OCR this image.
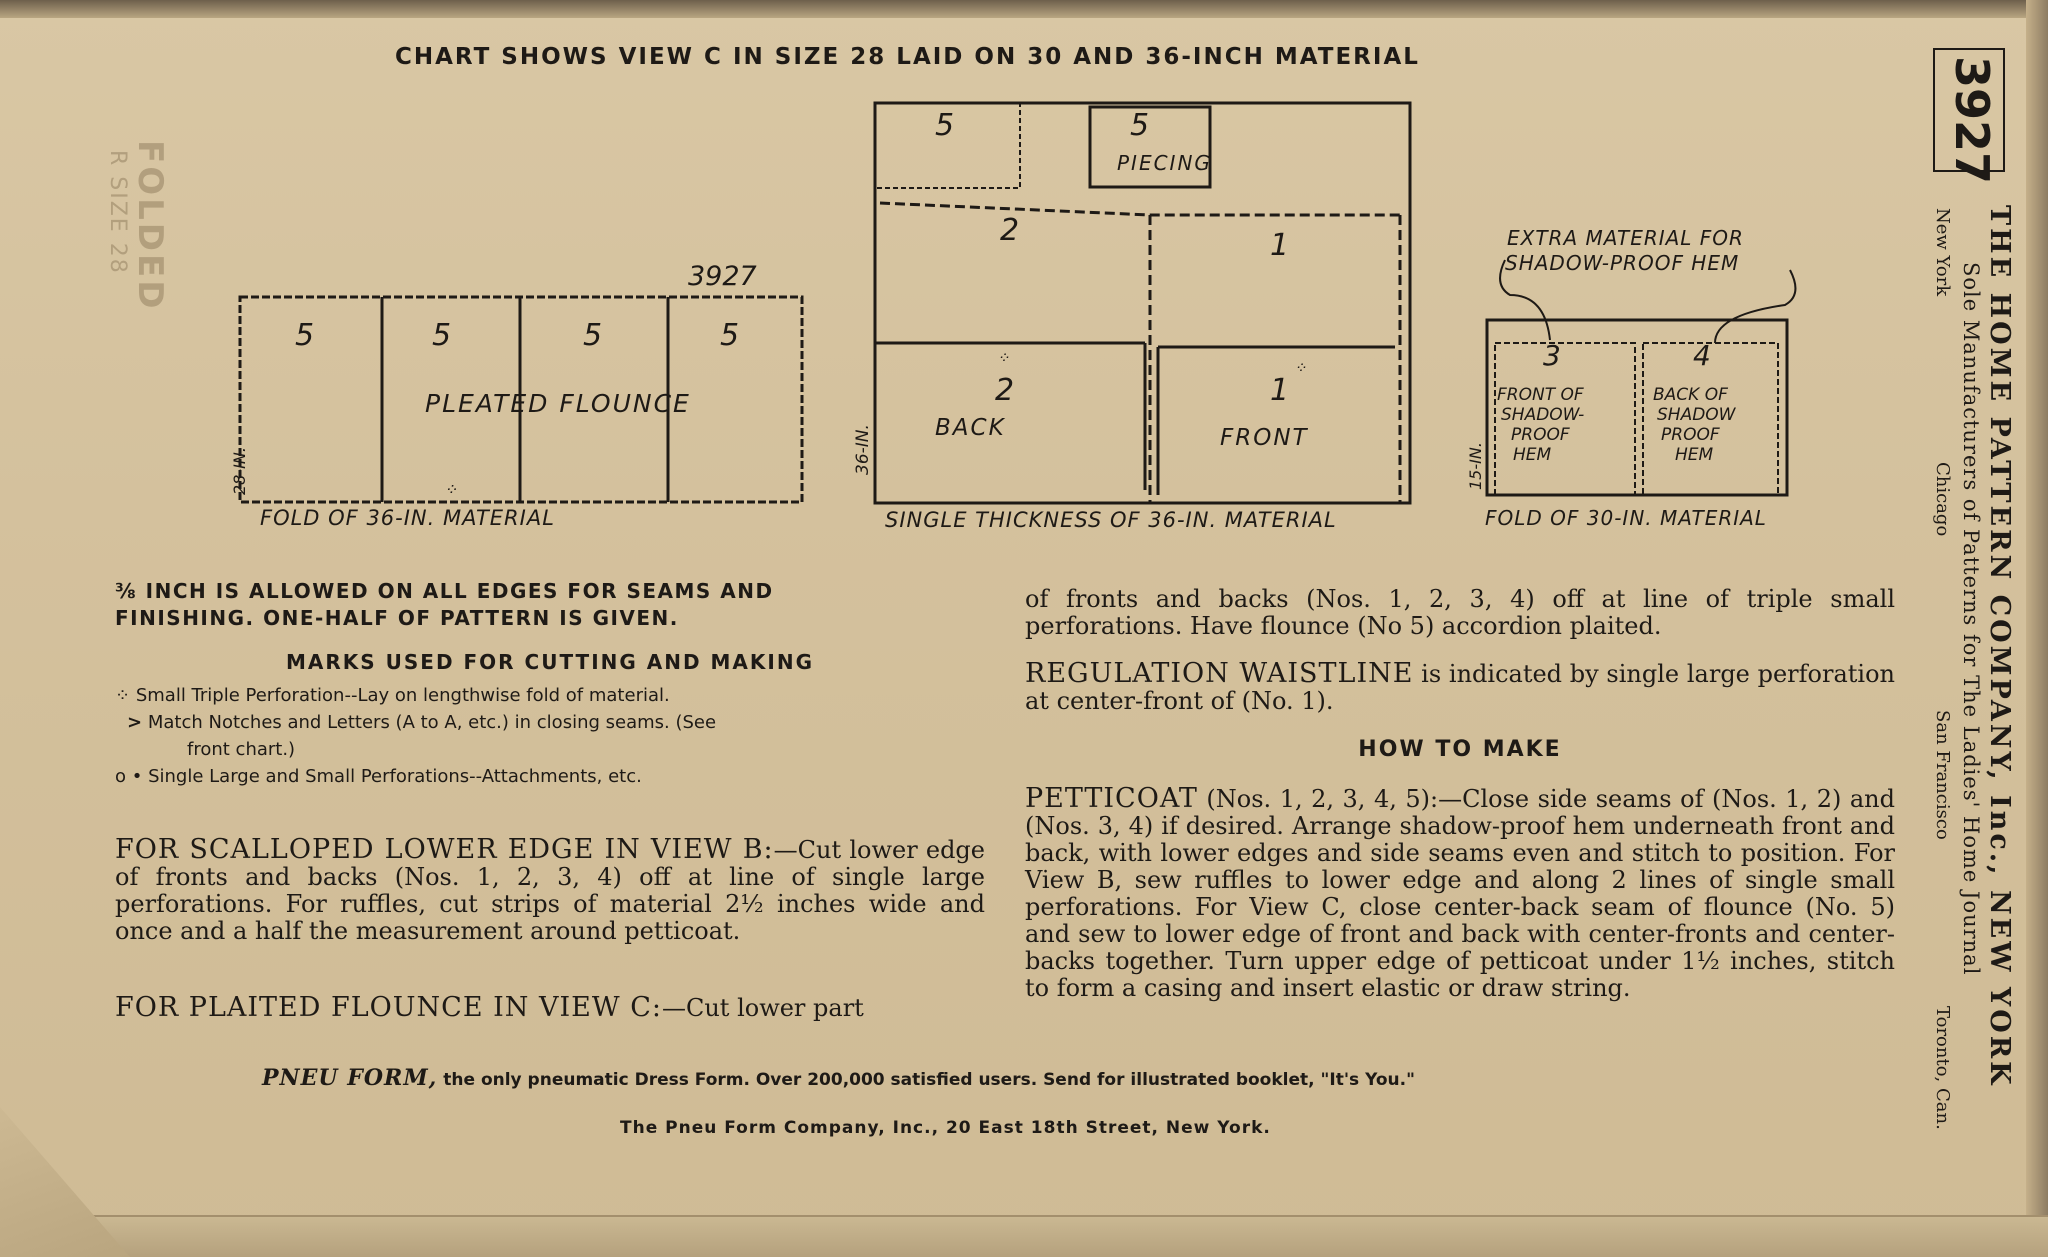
CHART SHOWS VIEW C IN SIZE 28 LAID ON 30 AND 36-INCH MATERIAL
FOLDED
R SIZE 28
3927
5	5	5	5
PLEATED FLOUNCE
28-IN.	⁘
FOLD OF 36-IN. MATERIAL
5	5
PIECING
2	1
2
BACK
1
FRONT
36-IN.
⁘
⁘
SINGLE THICKNESS OF 36-IN. MATERIAL
EXTRA MATERIAL FOR
SHADOW-PROOF HEM
3
FRONT OF
SHADOW-
PROOF
HEM
4
BACK OF
SHADOW
PROOF
HEM
15-IN.
FOLD OF 30-IN. MATERIAL
⅜ INCH IS ALLOWED ON ALL EDGES FOR SEAMS AND
FINISHING. ONE-HALF OF PATTERN IS GIVEN.
MARKS USED FOR CUTTING AND MAKING
⁘ Small Triple Perforation--Lay on lengthwise fold of material.
> Match Notches and Letters (A to A, etc.) in closing seams. (See
front chart.)
o • Single Large and Small Perforations--Attachments, etc.
FOR SCALLOPED LOWER EDGE IN VIEW B:—Cut lower edge of fronts and backs (Nos. 1, 2, 3, 4) off at line of single large perforations. For ruffles, cut strips of material 2½ inches wide and once and a half the measurement around petticoat.
FOR PLAITED FLOUNCE IN VIEW C:—Cut lower part
of fronts and backs (Nos. 1, 2, 3, 4) off at line of triple small perforations. Have flounce (No 5) accordion plaited.
REGULATION WAISTLINE is indicated by single large perforation at center-front of (No. 1).
HOW TO MAKE
PETTICOAT (Nos. 1, 2, 3, 4, 5):—Close side seams of (Nos. 1, 2) and (Nos. 3, 4) if desired. Arrange shadow-proof hem underneath front and back, with lower edges and side seams even and stitch to position. For View B, sew ruffles to lower edge and along 2 lines of single small perforations. For View C, close center-back seam of flounce (No. 5) and sew to lower edge of front and back with center-fronts and center-backs together. Turn upper edge of petticoat under 1½ inches, stitch to form a casing and insert elastic or draw string.
PNEU FORM, the only pneumatic Dress Form. Over 200,000 satisfied users. Send for illustrated booklet, "It's You."
The Pneu Form Company, Inc., 20 East 18th Street, New York.
3927
THE HOME PATTERN COMPANY, Inc., NEW YORK
Sole Manufacturers of Patterns for The Ladies' Home Journal
New York
Chicago
San Francisco
Toronto, Can.
